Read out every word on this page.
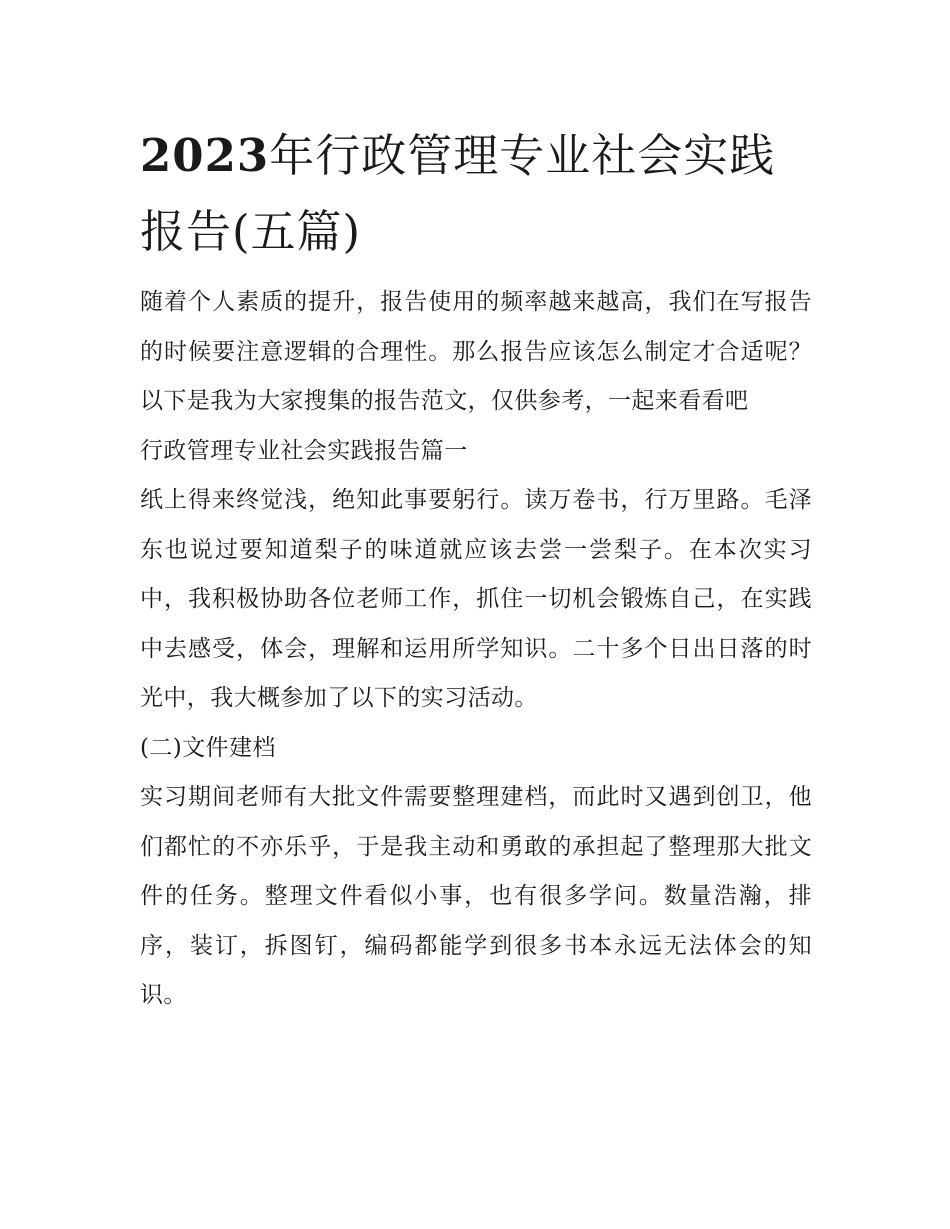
2023年行政管理专业社会实践报告(五篇)

随着个人素质的提升，报告使用的频率越来越高，我们在写报告的时候要注意逻辑的合理性。那么报告应该怎么制定才合适呢？以下是我为大家搜集的报告范文，仅供参考，一起来看看吧

行政管理专业社会实践报告篇一

纸上得来终觉浅，绝知此事要躬行。读万卷书，行万里路。毛泽东也说过要知道梨子的味道就应该去尝一尝梨子。在本次实习中，我积极协助各位老师工作，抓住一切机会锻炼自己，在实践中去感受，体会，理解和运用所学知识。二十多个日出日落的时光中，我大概参加了以下的实习活动。

(二)文件建档

实习期间老师有大批文件需要整理建档，而此时又遇到创卫，他们都忙的不亦乐乎，于是我主动和勇敢的承担起了整理那大批文件的任务。整理文件看似小事，也有很多学问。数量浩瀚，排序，装订，拆图钉，编码都能学到很多书本永远无法体会的知识。
